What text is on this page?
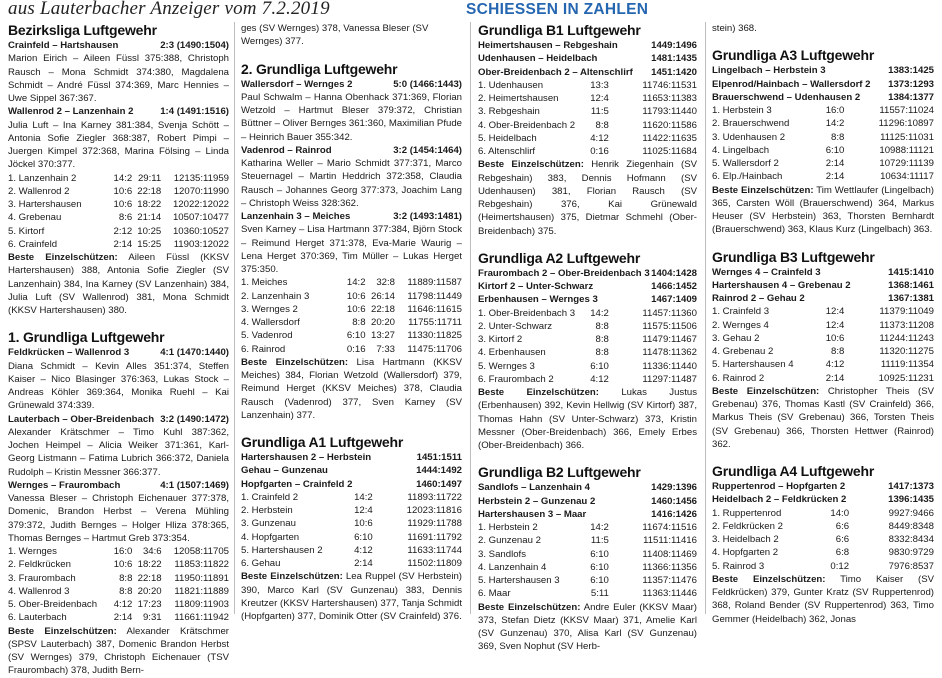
aus Lauterbacher Anzeiger vom 7.2.2019	SCHIESSEN IN ZAHLEN
Bezirksliga Luftgewehr
Crainfeld – Hartshausen	2:3 (1490:1504)

Marion Eirich – Aileen Füssl 375:388, Christoph Rausch – Mona Schmidt 374:380, Magdalena Schmidt – André Füssl 374:369, Marc Hennies – Uwe Sippel 367:367.

Wallenrod 2 – Lanzenhain 2	1:4 (1491:1516)

Julia Luft – Ina Karney 381:384, Svenja Schött – Antonia Sofie Ziegler 368:387, Robert Pimpi – Juergen Kimpel 372:368, Marina Fölsing – Linda Jöckel 370:377.

1. Lanzenhain 2	14:2	29:11	12135:11959
2. Wallenrod 2	10:6	22:18	12070:11990
3. Hartershausen	10:6	18:22	12022:12022
4. Grebenau	8:6	21:14	10507:10477
5. Kirtorf	2:12	10:25	10360:10527
6. Crainfeld	2:14	15:25	11903:12022

Beste Einzelschützen: Aileen Füssl (KKSV Hartershausen) 388, Antonia Sofie Ziegler (SV Lanzenhain) 384, Ina Karney (SV Lanzenhain) 384, Julia Luft (SV Wallenrod) 381, Mona Schmidt (KKSV Hartershausen) 380.

1. Grundliga Luftgewehr
Feldkrücken – Wallenrod 3	4:1 (1470:1440)

Diana Schmidt – Kevin Alles 351:374, Steffen Kaiser – Nico Blasinger 376:363, Lukas Stock – Andreas Köhler 369:364, Monika Ruehl – Kai Grünewald 374:339.

Lauterbach – Ober-Breidenbach 3:2 (1490:1472)

Alexander Krätschmer – Timo Kuhl 387:362, Jochen Heimpel – Alicia Weiker 371:361, Karl-Georg Listmann – Fatima Lubrich 366:372, Daniela Rudolph – Kristin Messner 366:377.

Wernges – Fraurombach	4:1 (1507:1469)

Vanessa Bleser – Christoph Eichenauer 377:378, Domenic, Brandon Herbst – Verena Mühling 379:372, Judith Bernges – Holger Hliza 378:365, Thomas Bernges – Hartmut Greb 373:354.

1. Wernges	16:0	34:6	12058:11705
2. Feldkrücken	10:6	18:22	11853:11822
3. Fraurombach	8:8	22:18	11950:11891
4. Wallenrod 3	8:8	20:20	11821:11889
5. Ober-Breidenbach	4:12	17:23	11809:11903
6. Lauterbach	2:14	9:31	11661:11942

Beste Einzelschützen: Alexander Krätschmer (SPSV Lauterbach) 387, Domenic Brandon Herbst (SV Wernges) 379, Christoph Eichenauer (TSV Fraurombach) 378, Judith Bern-

ges (SV Wernges) 378, Vanessa Bleser (SV Wernges) 377.

2. Grundliga Luftgewehr
Wallersdorf – Wernges 2	5:0 (1466:1443)

Paul Schwalm – Hanna Obenhack 371:369, Florian Wetzold – Hartmut Bleser 379:372, Christian Büttner – Oliver Bernges 361:360, Maximilian Pfude – Heinrich Bauer 355:342.

Vadenrod – Rainrod	3:2 (1454:1464)

Katharina Weller – Mario Schmidt 377:371, Marco Steuernagel – Martin Heddrich 372:358, Claudia Rausch – Johannes Georg 377:373, Joachim Lang – Christoph Weiss 328:362.

Lanzenhain 3 – Meiches	3:2 (1493:1481)

Sven Karney – Lisa Hartmann 377:384, Björn Stock – Reimund Herget 371:378, Eva-Marie Waurig – Lena Herget 370:369, Tim Müller – Lukas Herget 375:350.

1. Meiches	14:2	32:8	11889:11587
2. Lanzenhain 3	10:6	26:14	11798:11449
3. Wernges 2	10:6	22:18	11646:11615
4. Wallersdorf	8:8	20:20	11755:11711
5. Vadenrod	6:10	13:27	11330:11825
6. Rainrod	0:16	7:33	11475:11706

Beste Einzelschützen: Lisa Hartmann (KKSV Meiches) 384, Florian Wetzold (Wallersdorf) 379, Reimund Herget (KKSV Meiches) 378, Claudia Rausch (Vadenrod) 377, Sven Karney (SV Lanzenhain) 377.

Grundliga A1 Luftgewehr
Hartershausen 2 – Herbstein	1451:1511
Gehau – Gunzenau	1444:1492
Hopfgarten – Crainfeld 2	1460:1497
1. Crainfeld 2	14:2	11893:11722	
2. Herbstein	12:4	12023:11816	
3. Gunzenau	10:6	11929:11788	
4. Hopfgarten	6:10	11691:11792	
5. Hartershausen 2	4:12	11633:11744	
6. Gehau	2:14	11502:11809	

Beste Einzelschützen: Lea Ruppel (SV Herbstein) 390, Marco Karl (SV Gunzenau) 383, Dennis Kreutzer (KKSV Hartershausen) 377, Tanja Schmidt (Hopfgarten) 377, Dominik Otter (SV Crainfeld) 376.

Grundliga B1 Luftgewehr
Heimertshausen – Rebgeshain	1449:1496
Udenhausen – Heidelbach	1481:1435
Ober-Breidenbach 2 – Altenschlirf 1451:1420
1. Udenhausen	13:3	11746:11531	
2. Heimertshausen	12:4	11653:11383	
3. Rebgeshain	11:5	11793:11440	
4. Ober-Breidenbach 2	8:8	11620:11586	
5. Heidelbach	4:12	11422:11635	
6. Altenschlirf	0:16	11025:11684	

Beste Einzelschützen: Henrik Ziegenhain (SV Rebgeshain) 383, Dennis Hofmann (SV Udenhausen) 381, Florian Rausch (SV Rebgeshain) 376, Kai Grünewald (Heimertshausen) 375, Dietmar Schmehl (Ober-Breidenbach) 375.

Grundliga A2 Luftgewehr
Fraurombach 2 – Ober-Breidenbach 3 1404:1428
Kirtorf 2 – Unter-Schwarz	1466:1452
Erbenhausen – Wernges 3	1467:1409
1. Ober-Breidenbach 3	14:2	11457:11360	
2. Unter-Schwarz	8:8	11575:11506	
3. Kirtorf 2	8:8	11479:11467	
4. Erbenhausen	8:8	11478:11362	
5. Wernges 3	6:10	11336:11440	
6. Fraurombach 2	4:12	11297:11487	

Beste Einzelschützen: Lukas Justus (Erbenhausen) 392, Kevin Hellwig (SV Kirtorf) 387, Thomas Hahn (SV Unter-Schwarz) 373, Kristin Messner (Ober-Breidenbach) 366, Emely Erbes (Ober-Breidenbach) 366.

Grundliga B2 Luftgewehr
Sandlofs – Lanzenhain 4	1429:1396
Herbstein 2 – Gunzenau 2	1460:1456
Hartershausen 3 – Maar	1416:1426
1. Herbstein 2	14:2	11674:11516	
2. Gunzenau 2	11:5	11511:11416	
3. Sandlofs	6:10	11408:11469	
4. Lanzenhain 4	6:10	11366:11356	
5. Hartershausen 3	6:10	11357:11476	
6. Maar	5:11	11363:11446	

Beste Einzelschützen: Andre Euler (KKSV Maar) 373, Stefan Dietz (KKSV Maar) 371, Amelie Karl (SV Gunzenau) 370, Alisa Karl (SV Gunzenau) 369, Sven Nophut (SV Herb-

stein) 368.

Grundliga A3 Luftgewehr
Lingelbach – Herbstein 3	1383:1425
Elpenrod/Hainbach – Wallersdorf 2 1373:1293
Brauerschwend – Udenhausen 2	1384:1377
1. Herbstein 3	16:0	11557:11024	
2. Brauerschwend	14:2	11296:10897	
3. Udenhausen 2	8:8	11125:11031	
4. Lingelbach	6:10	10988:11121	
5. Wallersdorf 2	2:14	10729:11139	
6. Elp./Hainbach	2:14	10634:11117	

Beste Einzelschützen: Tim Wettlaufer (Lingelbach) 365, Carsten Wöll (Brauerschwend) 364, Markus Heuser (SV Herbstein) 363, Thorsten Bernhardt (Brauerschwend) 363, Klaus Kurz (Lingelbach) 363.

Grundliga B3 Luftgewehr
Wernges 4 – Crainfeld 3	1415:1410
Hartershausen 4 – Grebenau 2	1368:1461
Rainrod 2 – Gehau 2	1367:1381
1. Crainfeld 3	12:4	11379:11049	
2. Wernges 4	12:4	11373:11208	
3. Gehau 2	10:6	11244:11243	
4. Grebenau 2	8:8	11320:11275	
5. Hartershausen 4	4:12	11119:11354	
6. Rainrod 2	2:14	10925:11231	

Beste Einzelschützen: Christopher Theis (SV Grebenau) 376, Thomas Kastl (SV Crainfeld) 366, Markus Theis (SV Grebenau) 366, Torsten Theis (SV Grebenau) 366, Thorsten Hettwer (Rainrod) 362.

Grundliga A4 Luftgewehr
Ruppertenrod – Hopfgarten 2	1417:1373
Heidelbach 2 – Feldkrücken 2	1396:1435
1. Ruppertenrod	14:0	9927:9466	
2. Feldkrücken 2	6:6	8449:8348	
3. Heidelbach 2	6:6	8332:8434	
4. Hopfgarten 2	6:8	9830:9729	
5. Rainrod 3	0:12	7976:8537	

Beste Einzelschützen: Timo Kaiser (SV Feldkrücken) 379, Gunter Kratz (SV Ruppertenrod) 368, Roland Bender (SV Ruppertenrod) 363, Timo Gemmer (Heidelbach) 362, Jonas
